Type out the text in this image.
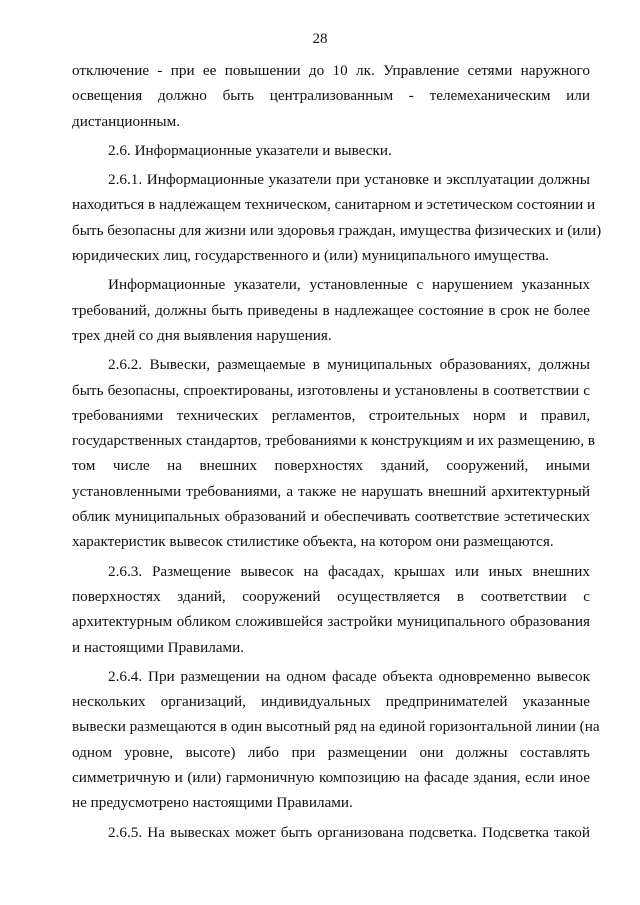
28
отключение - при ее повышении до 10 лк. Управление сетями наружного
освещения должно быть централизованным - телемеханическим или
дистанционным.
2.6. Информационные указатели и вывески.
2.6.1. Информационные указатели при установке и эксплуатации должны
находиться в надлежащем техническом, санитарном и эстетическом состоянии и
быть безопасны для жизни или здоровья граждан, имущества физических и (или)
юридических лиц, государственного и (или) муниципального имущества.
Информационные указатели, установленные с нарушением указанных
требований, должны быть приведены в надлежащее состояние в срок не более
трех дней со дня выявления нарушения.
2.6.2. Вывески, размещаемые в муниципальных образованиях, должны
быть безопасны, спроектированы, изготовлены и установлены в соответствии с
требованиями технических регламентов, строительных норм и правил,
государственных стандартов, требованиями к конструкциям и их размещению, в
том числе на внешних поверхностях зданий, сооружений, иными
установленными требованиями, а также не нарушать внешний архитектурный
облик муниципальных образований и обеспечивать соответствие эстетических
характеристик вывесок стилистике объекта, на котором они размещаются.
2.6.3. Размещение вывесок на фасадах, крышах или иных внешних
поверхностях зданий, сооружений осуществляется в соответствии с
архитектурным обликом сложившейся застройки муниципального образования
и настоящими Правилами.
2.6.4. При размещении на одном фасаде объекта одновременно вывесок
нескольких организаций, индивидуальных предпринимателей указанные
вывески размещаются в один высотный ряд на единой горизонтальной линии (на
одном уровне, высоте) либо при размещении они должны составлять
симметричную и (или) гармоничную композицию на фасаде здания, если иное
не предусмотрено настоящими Правилами.
2.6.5. На вывесках может быть организована подсветка. Подсветка такой
